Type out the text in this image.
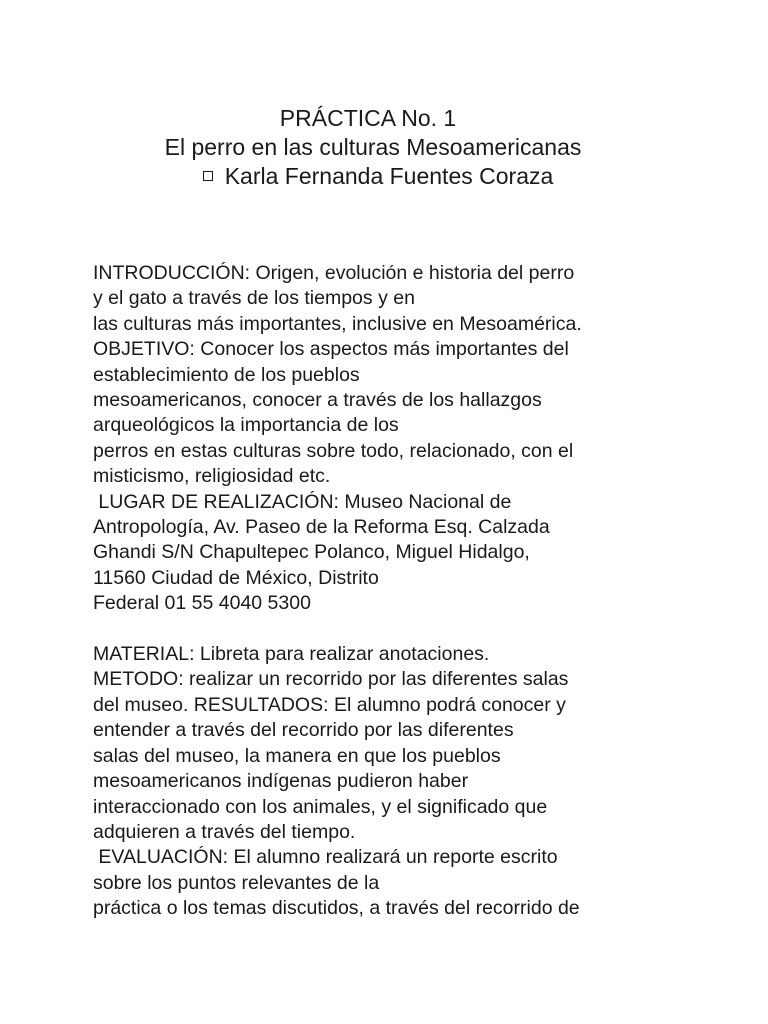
PRÁCTICA No. 1
El perro en las culturas Mesoamericanas
Karla Fernanda Fuentes Coraza
INTRODUCCIÓN: Origen, evolución e historia del perro
y el gato a través de los tiempos y en
las culturas más importantes, inclusive en Mesoamérica.
OBJETIVO: Conocer los aspectos más importantes del
establecimiento de los pueblos
mesoamericanos, conocer a través de los hallazgos
arqueológicos la importancia de los
perros en estas culturas sobre todo, relacionado, con el
misticismo, religiosidad etc.
LUGAR DE REALIZACIÓN: Museo Nacional de
Antropología, Av. Paseo de la Reforma Esq. Calzada
Ghandi S/N Chapultepec Polanco, Miguel Hidalgo,
11560 Ciudad de México, Distrito
Federal 01 55 4040 5300
MATERIAL: Libreta para realizar anotaciones.
METODO: realizar un recorrido por las diferentes salas
del museo. RESULTADOS: El alumno podrá conocer y
entender a través del recorrido por las diferentes
salas del museo, la manera en que los pueblos
mesoamericanos indígenas pudieron haber
interaccionado con los animales, y el significado que
adquieren a través del tiempo.
EVALUACIÓN: El alumno realizará un reporte escrito
sobre los puntos relevantes de la
práctica o los temas discutidos, a través del recorrido de
